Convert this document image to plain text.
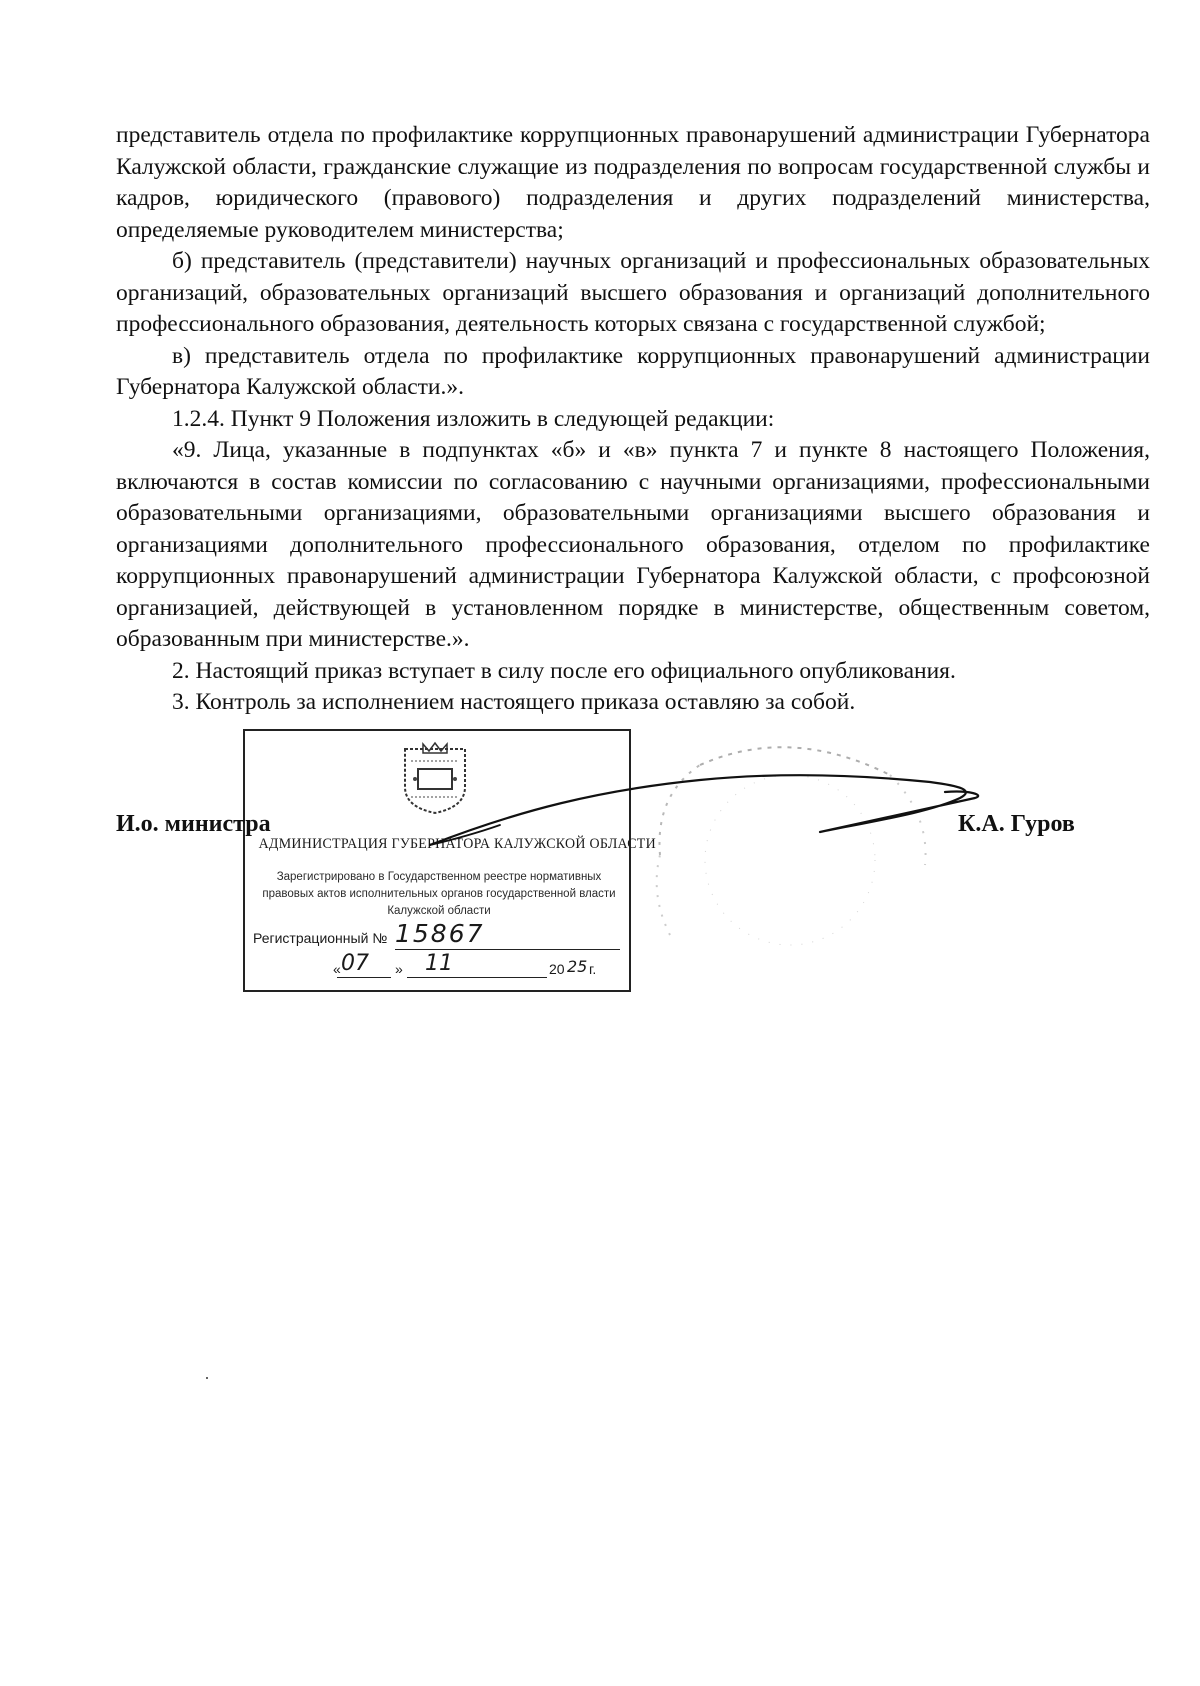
представитель отдела по профилактике коррупционных правонарушений администрации Губернатора Калужской области, гражданские служащие из подразделения по вопросам государственной службы и кадров, юридического (правового) подразделения и других подразделений министерства, определяемые руководителем министерства;

б) представитель (представители) научных организаций и профессиональных образовательных организаций, образовательных организаций высшего образования и организаций дополнительного профессионального образования, деятельность которых связана с государственной службой;

в) представитель отдела по профилактике коррупционных правонарушений администрации Губернатора Калужской области.».

1.2.4. Пункт 9 Положения изложить в следующей редакции:

«9. Лица, указанные в подпунктах «б» и «в» пункта 7 и пункте 8 настоящего Положения, включаются в состав комиссии по согласованию с научными организациями, профессиональными образовательными организациями, образовательными организациями высшего образования и организациями дополнительного профессионального образования, отделом по профилактике коррупционных правонарушений администрации Губернатора Калужской области, с профсоюзной организацией, действующей в установленном порядке в министерстве, общественным советом, образованным при министерстве.».

2. Настоящий приказ вступает в силу после его официального опубликования.

3. Контроль за исполнением настоящего приказа оставляю за собой.

АДМИНИСТРАЦИЯ ГУБЕРНАТОРА КАЛУЖСКОЙ ОБЛАСТИ
Зарегистрировано в Государственном реестре нормативных
правовых актов исполнительных органов государственной власти
Калужской области
Регистрационный № 15867
« 07 » 11	20 25 г.
И.о. министра	К.А. Гуров
